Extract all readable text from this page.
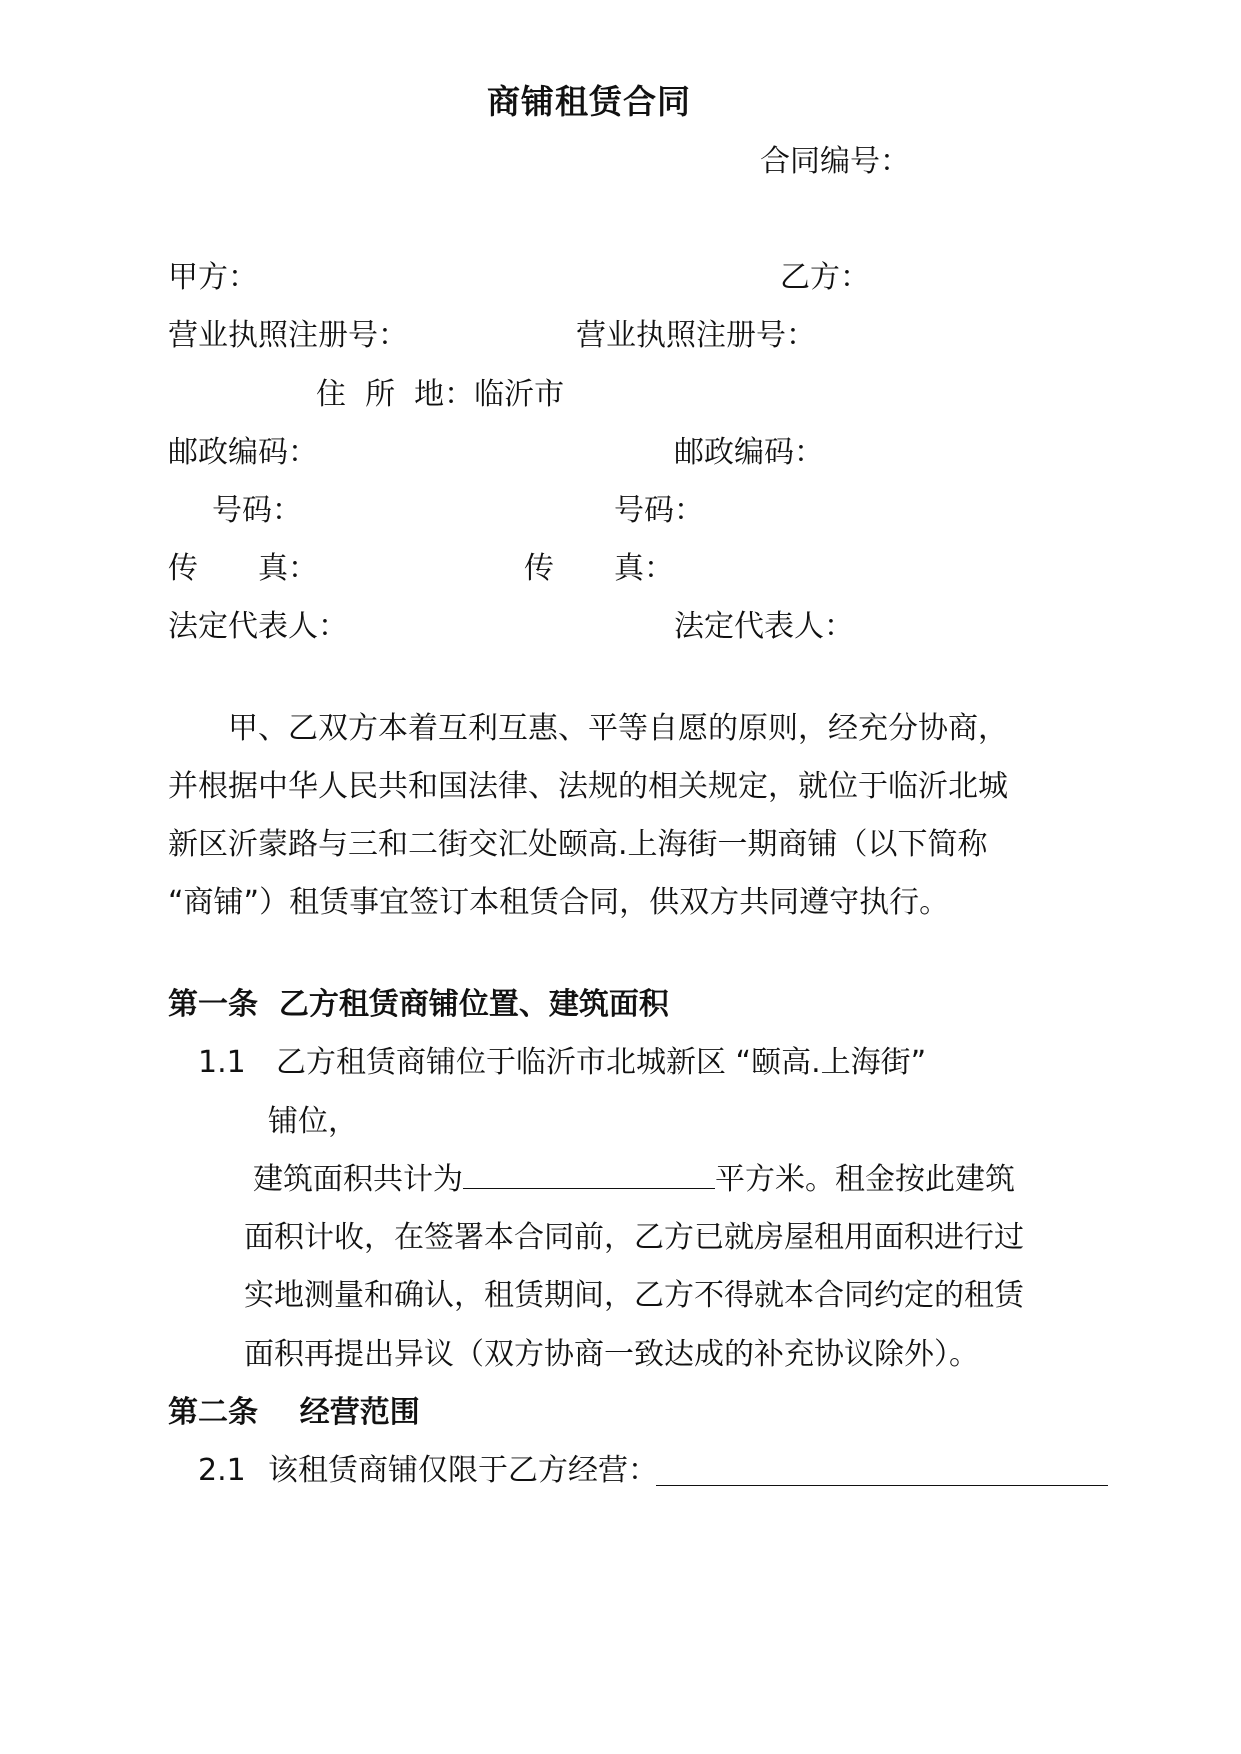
商铺租赁合同
合同编号：
甲方：	乙方：
营业执照注册号：	营业执照注册号：
住  所  地：临沂市
邮政编码：	邮政编码：
号码：	号码：
传　　真：	传　　真：
法定代表人：	法定代表人：
甲、乙双方本着互利互惠、平等自愿的原则，经充分协商，
并根据中华人民共和国法律、法规的相关规定，就位于临沂北城
新区沂蒙路与三和二街交汇处颐高.上海街一期商铺（以下简称
“商铺”）租赁事宜签订本租赁合同，供双方共同遵守执行。
第一条  乙方租赁商铺位置、建筑面积
1.1 乙方租赁商铺位于临沂市北城新区 “颐高.上海街”
铺位，
建筑面积共计为	平方米。租金按此建筑
面积计收，在签署本合同前，乙方已就房屋租用面积进行过
实地测量和确认，租赁期间，乙方不得就本合同约定的租赁
面积再提出异议（双方协商一致达成的补充协议除外）。
第二条    经营范围
2.1 该租赁商铺仅限于乙方经营：
